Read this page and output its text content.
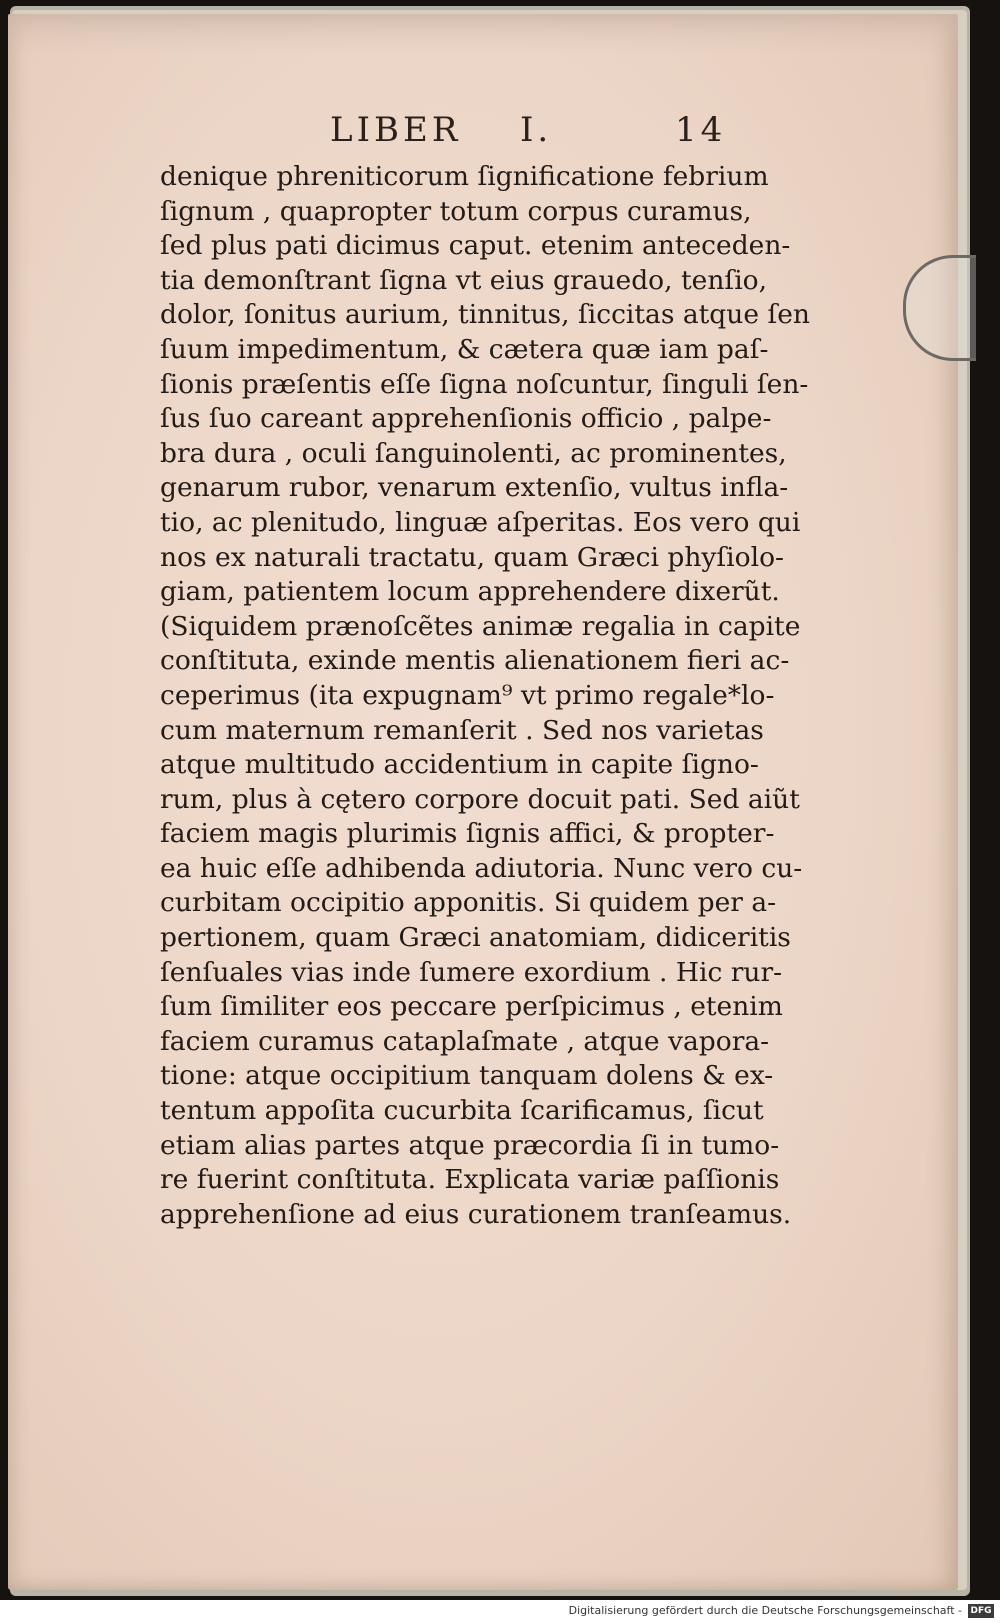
LIBER I.	14
denique phreniticorum ſignificatione febrium
ſignum , quapropter totum corpus curamus,
ſed plus pati dicimus caput. etenim anteceden-
tia demonſtrant ſigna vt eius grauedo, tenſio,
dolor, ſonitus aurium, tinnitus, ſiccitas atque ſen
ſuum impedimentum, & cætera quæ iam paſ-
ſionis præſentis eſſe ſigna noſcuntur, ſinguli ſen-
ſus ſuo careant apprehenſionis officio , palpe-
bra dura , oculi ſanguinolenti, ac prominentes,
genarum rubor, venarum extenſio, vultus infla-
tio, ac plenitudo, linguæ aſperitas. Eos vero qui
nos ex naturali tractatu, quam Græci phyſiolo-
giam, patientem locum apprehendere dixerũt.
(Siquidem prænoſcẽtes animæ regalia in capite
conſtituta, exinde mentis alienationem fieri ac-
ceperimus (ita expugnam⁹ vt primo regale*lo-
cum maternum remanſerit . Sed nos varietas
atque multitudo accidentium in capite ſigno-
rum, plus à cętero corpore docuit pati. Sed aiũt
faciem magis plurimis ſignis affici, & propter-
ea huic eſſe adhibenda adiutoria. Nunc vero cu-
curbitam occipitio apponitis. Si quidem per a-
pertionem, quam Græci anatomiam, didiceritis
ſenſuales vias inde ſumere exordium . Hic rur-
ſum ſimiliter eos peccare perſpicimus , etenim
faciem curamus cataplaſmate , atque vapora-
tione: atque occipitium tanquam dolens & ex-
tentum appoſita cucurbita ſcarificamus, ſicut
etiam alias partes atque præcordia ſi in tumo-
re fuerint conſtituta. Explicata variæ paſſionis
apprehenſione ad eius curationem tranſeamus.
Digitalisierung gefördert durch die Deutsche Forschungsgemeinschaft - DFG
